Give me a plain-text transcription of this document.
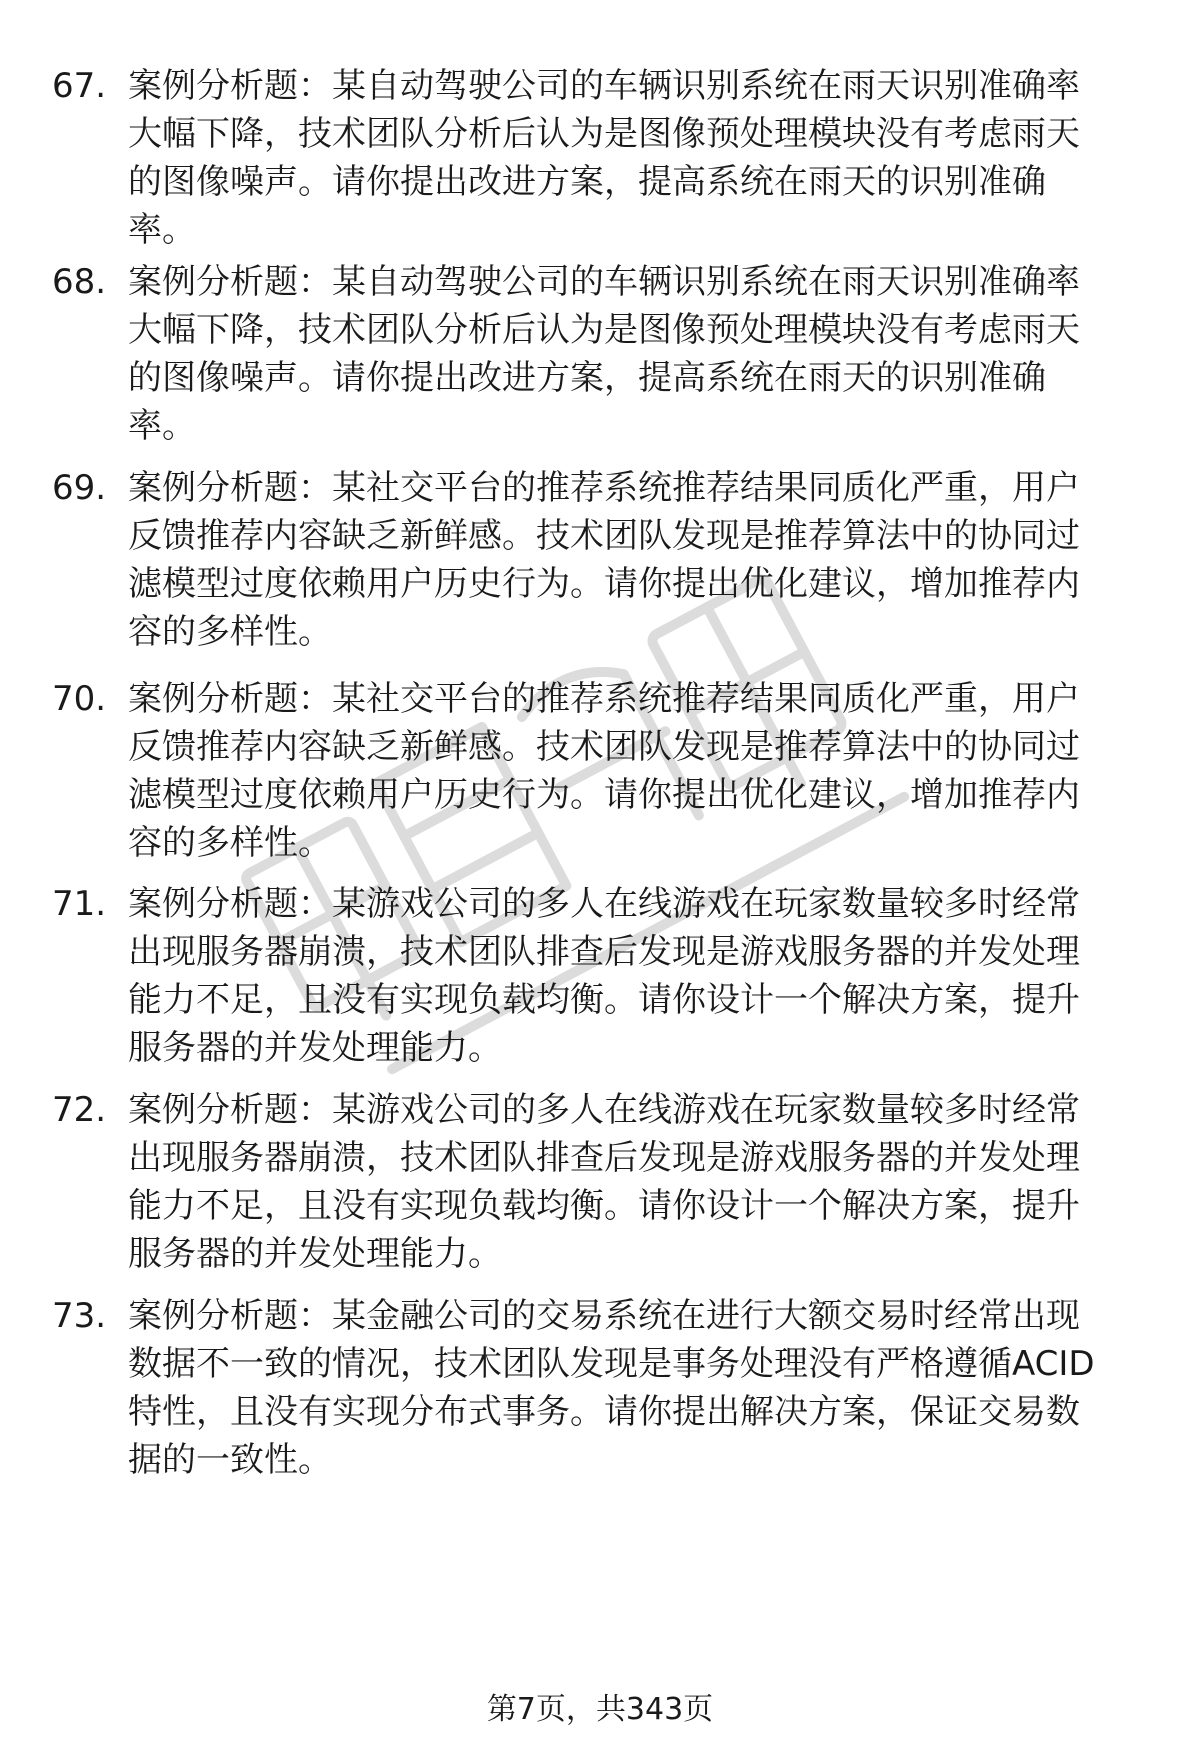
67. 案例分析题：某自动驾驶公司的车辆识别系统在雨天识别准确率
大幅下降，技术团队分析后认为是图像预处理模块没有考虑雨天
的图像噪声。请你提出改进方案，提高系统在雨天的识别准确
率。
68. 案例分析题：某自动驾驶公司的车辆识别系统在雨天识别准确率
大幅下降，技术团队分析后认为是图像预处理模块没有考虑雨天
的图像噪声。请你提出改进方案，提高系统在雨天的识别准确
率。
69. 案例分析题：某社交平台的推荐系统推荐结果同质化严重，用户
反馈推荐内容缺乏新鲜感。技术团队发现是推荐算法中的协同过
滤模型过度依赖用户历史行为。请你提出优化建议，增加推荐内
容的多样性。
70. 案例分析题：某社交平台的推荐系统推荐结果同质化严重，用户
反馈推荐内容缺乏新鲜感。技术团队发现是推荐算法中的协同过
滤模型过度依赖用户历史行为。请你提出优化建议，增加推荐内
容的多样性。
71. 案例分析题：某游戏公司的多人在线游戏在玩家数量较多时经常
出现服务器崩溃，技术团队排查后发现是游戏服务器的并发处理
能力不足，且没有实现负载均衡。请你设计一个解决方案，提升
服务器的并发处理能力。
72. 案例分析题：某游戏公司的多人在线游戏在玩家数量较多时经常
出现服务器崩溃，技术团队排查后发现是游戏服务器的并发处理
能力不足，且没有实现负载均衡。请你设计一个解决方案，提升
服务器的并发处理能力。
73. 案例分析题：某金融公司的交易系统在进行大额交易时经常出现
数据不一致的情况，技术团队发现是事务处理没有严格遵循ACID
特性，且没有实现分布式事务。请你提出解决方案，保证交易数
据的一致性。
第7页，共343页
